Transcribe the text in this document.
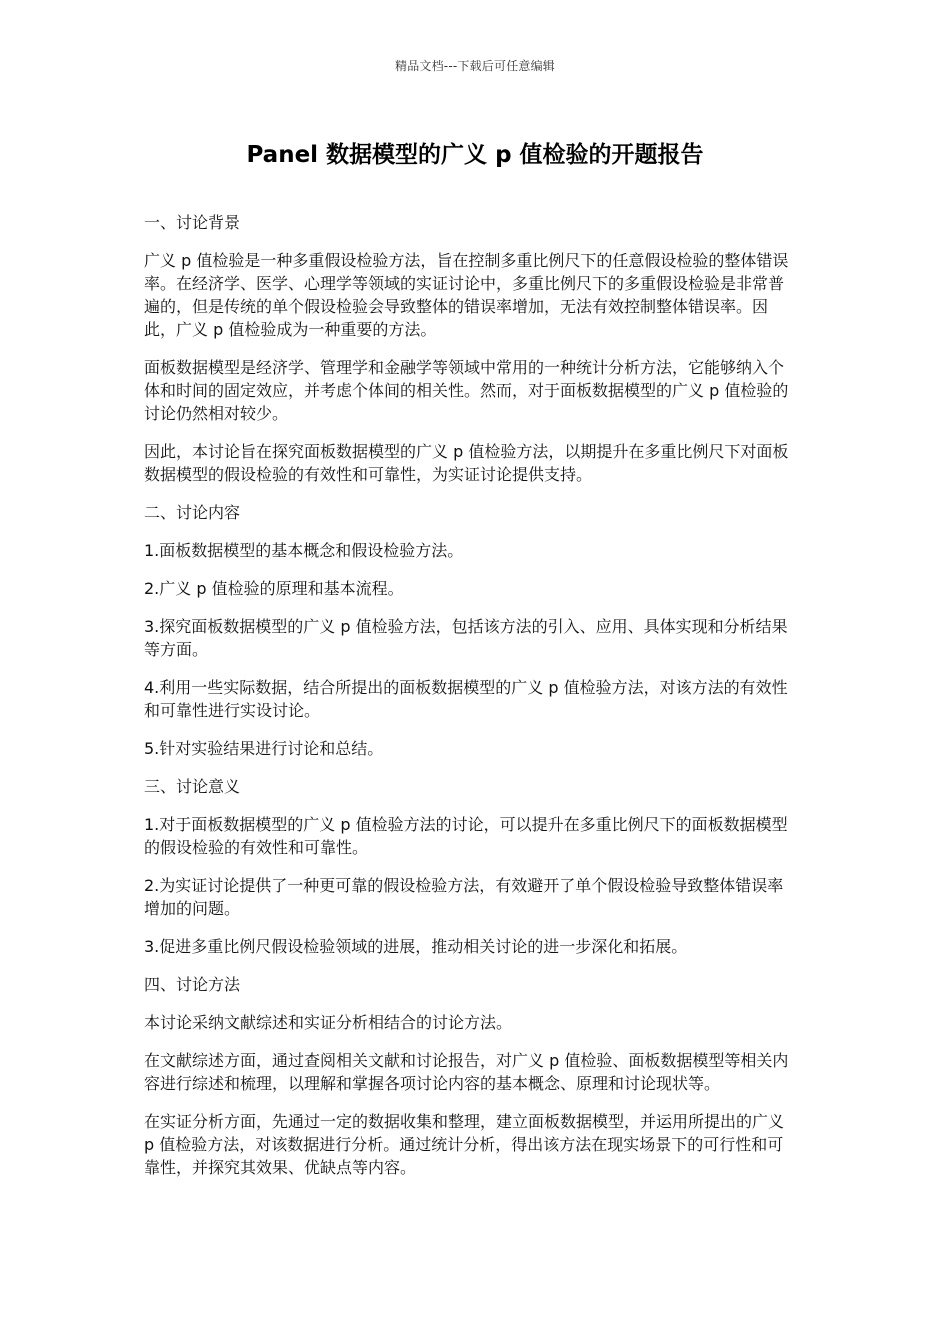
精品文档---下载后可任意编辑
Panel 数据模型的广义 p 值检验的开题报告

一、讨论背景

广义 p 值检验是一种多重假设检验方法，旨在控制多重比例尺下的任意假设检验的整体错误率。在经济学、医学、心理学等领域的实证讨论中，多重比例尺下的多重假设检验是非常普遍的，但是传统的单个假设检验会导致整体的错误率增加，无法有效控制整体错误率。因此，广义 p 值检验成为一种重要的方法。

面板数据模型是经济学、管理学和金融学等领域中常用的一种统计分析方法，它能够纳入个体和时间的固定效应，并考虑个体间的相关性。然而，对于面板数据模型的广义 p 值检验的讨论仍然相对较少。

因此，本讨论旨在探究面板数据模型的广义 p 值检验方法，以期提升在多重比例尺下对面板数据模型的假设检验的有效性和可靠性，为实证讨论提供支持。

二、讨论内容

1.面板数据模型的基本概念和假设检验方法。

2.广义 p 值检验的原理和基本流程。

3.探究面板数据模型的广义 p 值检验方法，包括该方法的引入、应用、具体实现和分析结果等方面。

4.利用一些实际数据，结合所提出的面板数据模型的广义 p 值检验方法，对该方法的有效性和可靠性进行实设讨论。

5.针对实验结果进行讨论和总结。

三、讨论意义

1.对于面板数据模型的广义 p 值检验方法的讨论，可以提升在多重比例尺下的面板数据模型的假设检验的有效性和可靠性。

2.为实证讨论提供了一种更可靠的假设检验方法，有效避开了单个假设检验导致整体错误率增加的问题。

3.促进多重比例尺假设检验领域的进展，推动相关讨论的进一步深化和拓展。

四、讨论方法

本讨论采纳文献综述和实证分析相结合的讨论方法。

在文献综述方面，通过查阅相关文献和讨论报告，对广义 p 值检验、面板数据模型等相关内容进行综述和梳理，以理解和掌握各项讨论内容的基本概念、原理和讨论现状等。

在实证分析方面，先通过一定的数据收集和整理，建立面板数据模型，并运用所提出的广义 p 值检验方法，对该数据进行分析。通过统计分析，得出该方法在现实场景下的可行性和可靠性，并探究其效果、优缺点等内容。
